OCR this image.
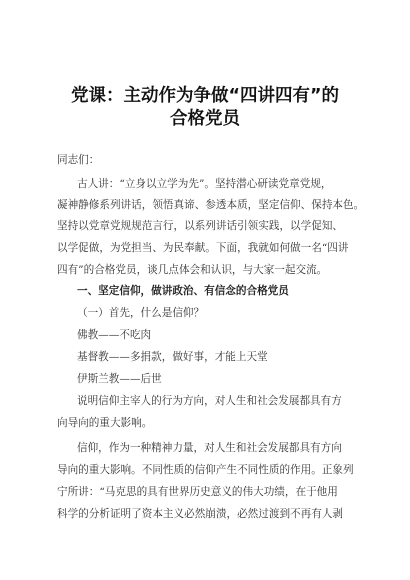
党课：主动作为争做“四讲四有”的
合格党员
同志们：
古人讲：“立身以立学为先”。坚持潜心研读党章党规，
凝神静修系列讲话，领悟真谛、参透本质，坚定信仰、保持本色。
坚持以党章党规规范言行，以系列讲话引领实践，以学促知、
以学促做，为党担当、为民奉献。下面，我就如何做一名“四讲
四有”的合格党员，谈几点体会和认识，与大家一起交流。
一、坚定信仰，做讲政治、有信念的合格党员
（一）首先，什么是信仰？
佛教——不吃肉
基督教——多捐款，做好事，才能上天堂
伊斯兰教——后世
说明信仰主宰人的行为方向，对人生和社会发展都具有方
向导向的重大影响。
信仰，作为一种精神力量，对人生和社会发展都具有方向
导向的重大影响。不同性质的信仰产生不同性质的作用。正象列
宁所讲：“马克思的具有世界历史意义的伟大功绩，在于他用
科学的分析证明了资本主义必然崩溃，必然过渡到不再有人剥
